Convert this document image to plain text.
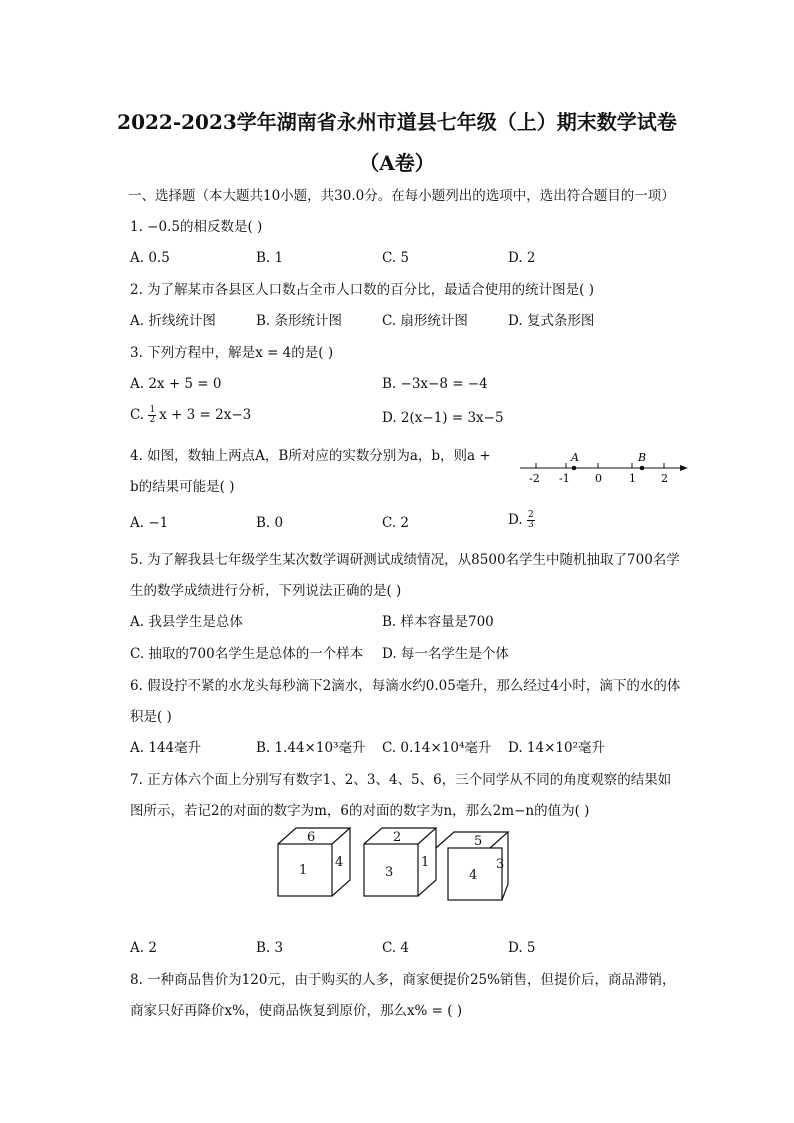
2022-2023学年湖南省永州市道县七年级（上）期末数学试卷
（A卷）
一、选择题（本大题共10小题，共30.0分。在每小题列出的选项中，选出符合题目的一项）
1. −0.5的相反数是( )
A. 0.5	B. 1	C. 5	D. 2
2. 为了解某市各县区人口数占全市人口数的百分比，最适合使用的统计图是( )
A. 折线统计图	B. 条形统计图	C. 扇形统计图	D. 复式条形图
3. 下列方程中，解是x = 4的是( )
A. 2x + 5 = 0	B. −3x−8 = −4
C. $\frac{1}{2}$ x + 3 = 2x−3	D. 2(x−1) = 3x−5
4. 如图，数轴上两点A，B所对应的实数分别为a，b，则a +
b的结果可能是( )
A	B
-2 -1 0 1 2
A. −1	B. 0	C. 2	D. $\frac{2}{3}$
5. 为了解我县七年级学生某次数学调研测试成绩情况，从8500名学生中随机抽取了700名学
生的数学成绩进行分析，下列说法正确的是( )
A. 我县学生是总体	B. 样本容量是700
C. 抽取的700名学生是总体的一个样本 D. 每一名学生是个体
6. 假设拧不紧的水龙头每秒滴下2滴水，每滴水约0.05毫升，那么经过4小时，滴下的水的体
积是( )
A. 144毫升	B. 1.44×10³毫升 C. 0.14×10⁴毫升 D. 14×10²毫升
7. 正方体六个面上分别写有数字1、2、3、4、5、6，三个同学从不同的角度观察的结果如
图所示，若记2的对面的数字为m，6的对面的数字为n，那么2m−n的值为( )
6
1
4
2
3
1
5
4
3
A. 2	B. 3	C. 4	D. 5
8. 一种商品售价为120元，由于购买的人多，商家便提价25%销售，但提价后，商品滞销，
商家只好再降价x%，使商品恢复到原价，那么x% = ( )
